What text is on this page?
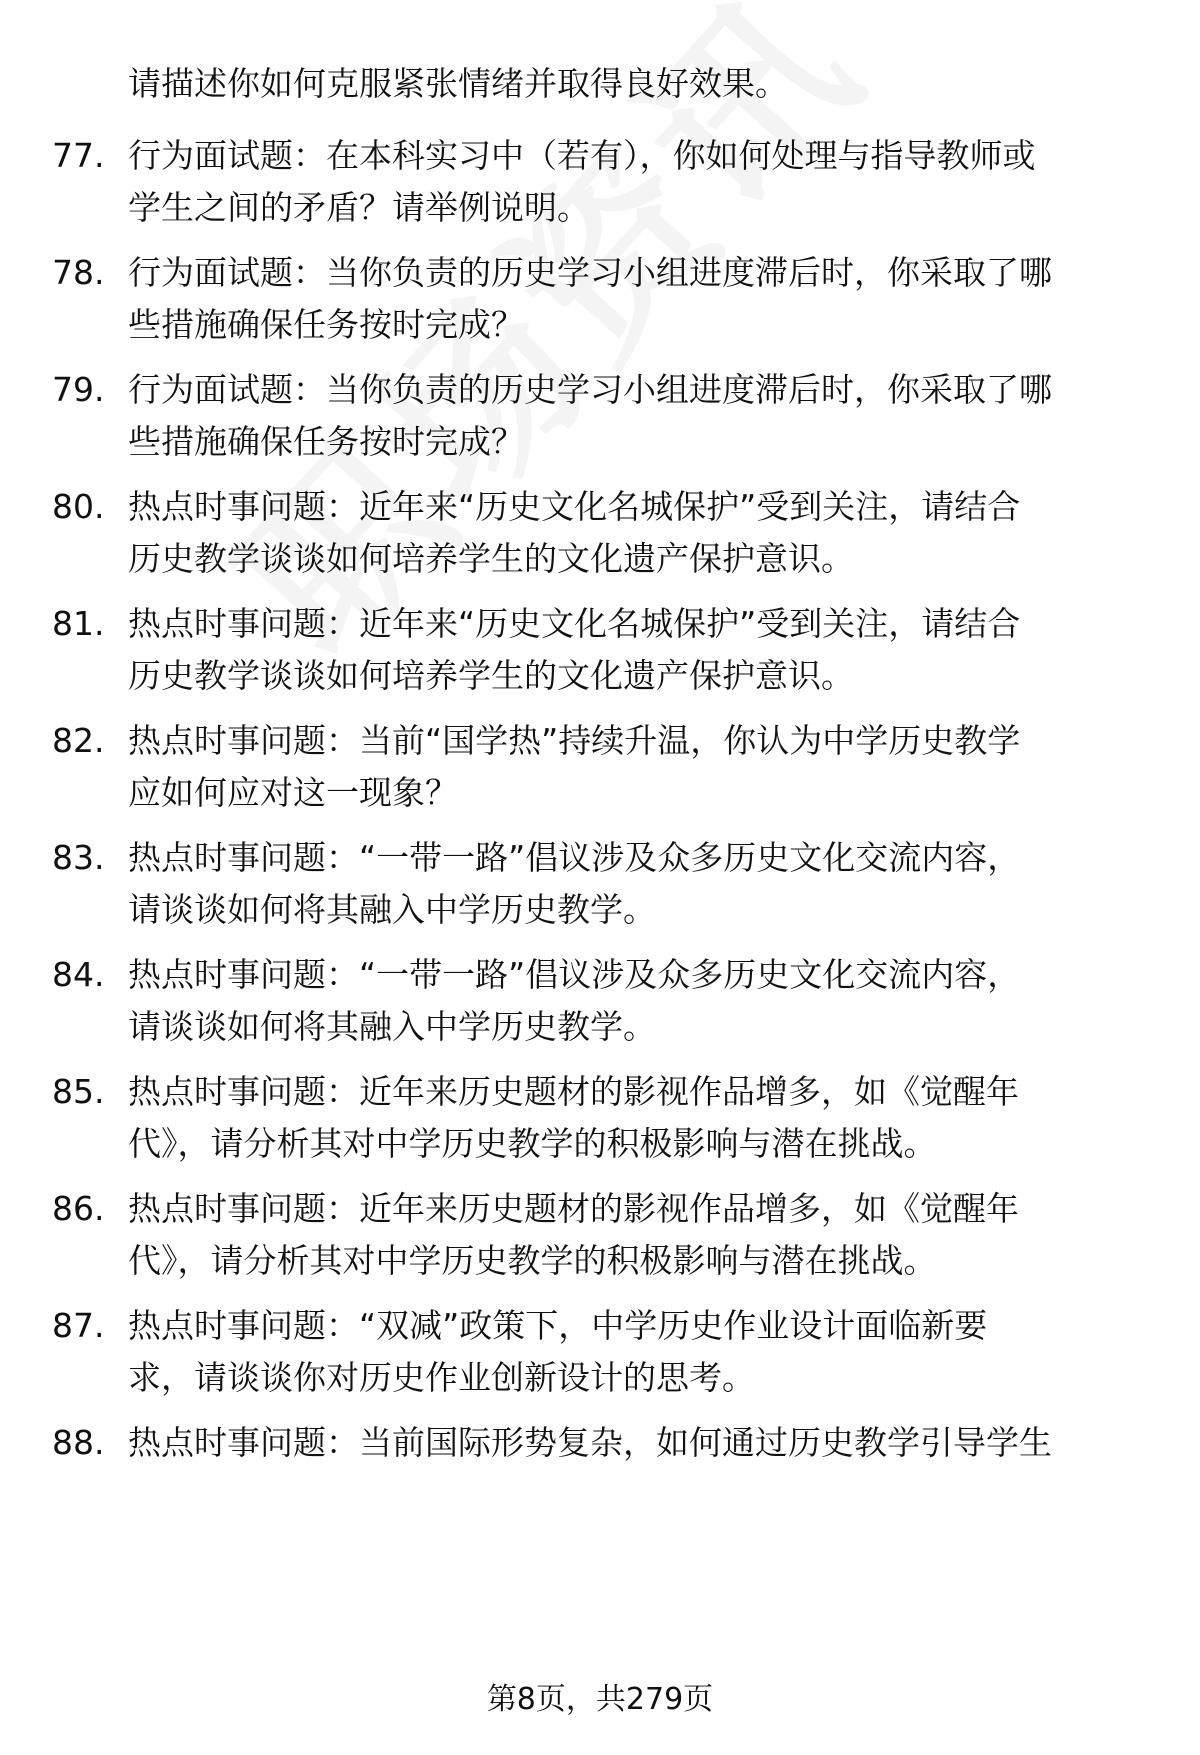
请描述你如何克服紧张情绪并取得良好效果。
77. 行为面试题：在本科实习中（若有），你如何处理与指导教师或
学生之间的矛盾？请举例说明。
78. 行为面试题：当你负责的历史学习小组进度滞后时，你采取了哪
些措施确保任务按时完成？
79. 行为面试题：当你负责的历史学习小组进度滞后时，你采取了哪
些措施确保任务按时完成？
80. 热点时事问题：近年来“历史文化名城保护”受到关注，请结合
历史教学谈谈如何培养学生的文化遗产保护意识。
81. 热点时事问题：近年来“历史文化名城保护”受到关注，请结合
历史教学谈谈如何培养学生的文化遗产保护意识。
82. 热点时事问题：当前“国学热”持续升温，你认为中学历史教学
应如何应对这一现象？
83. 热点时事问题：“一带一路”倡议涉及众多历史文化交流内容，
请谈谈如何将其融入中学历史教学。
84. 热点时事问题：“一带一路”倡议涉及众多历史文化交流内容，
请谈谈如何将其融入中学历史教学。
85. 热点时事问题：近年来历史题材的影视作品增多，如《觉醒年
代》，请分析其对中学历史教学的积极影响与潜在挑战。
86. 热点时事问题：近年来历史题材的影视作品增多，如《觉醒年
代》，请分析其对中学历史教学的积极影响与潜在挑战。
87. 热点时事问题：“双减”政策下，中学历史作业设计面临新要
求，请谈谈你对历史作业创新设计的思考。
88. 热点时事问题：当前国际形势复杂，如何通过历史教学引导学生
第8页，共279页
